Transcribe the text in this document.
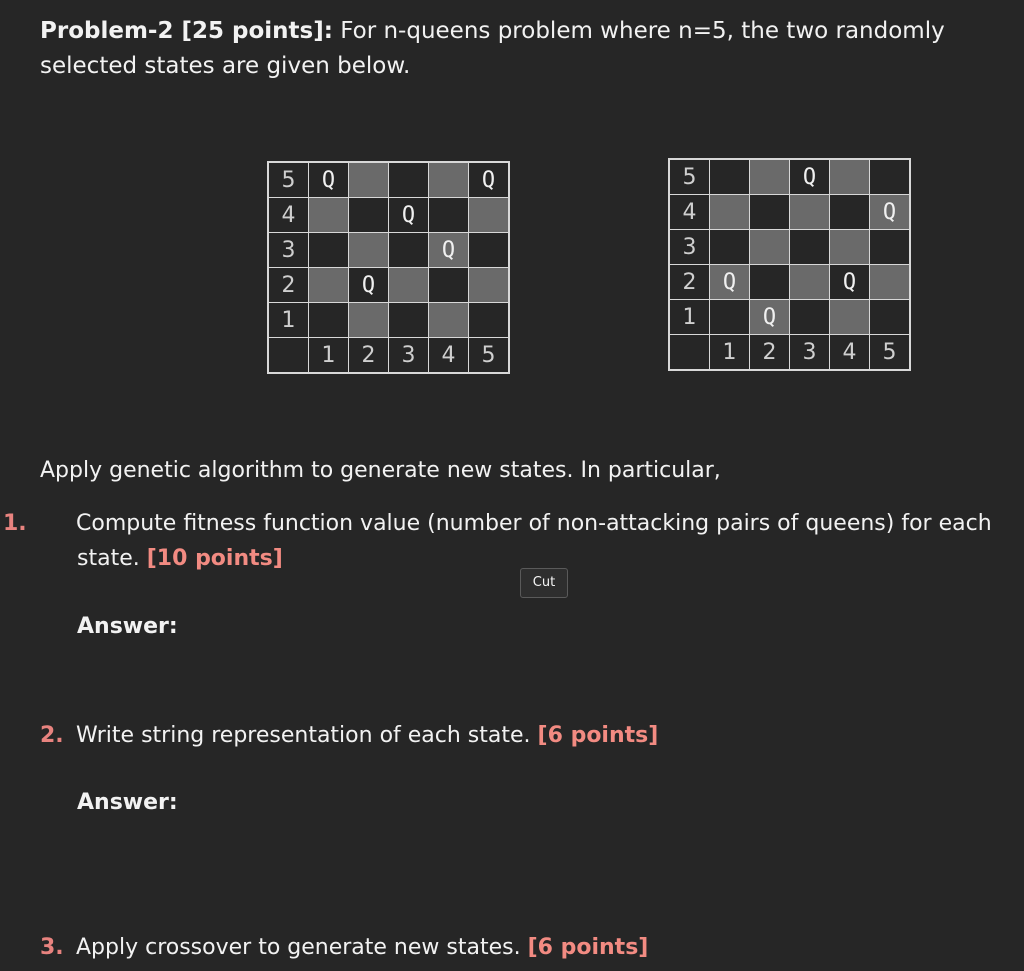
Problem-2 [25 points]: For n-queens problem where n=5, the two randomly selected states are given below.
5	Q				Q
4			Q		
3				Q	
2		Q			
1					
	1	2	3	4	5
5			Q		
4					Q
3					
2	Q			Q	
1		Q			
	1	2	3	4	5
Apply genetic algorithm to generate new states. In particular,
1. Compute fitness function value (number of non-attacking pairs of queens) for each state. [10 points]
Cut
Answer:
2. Write string representation of each state. [6 points]
Answer:
3. Apply crossover to generate new states. [6 points]
